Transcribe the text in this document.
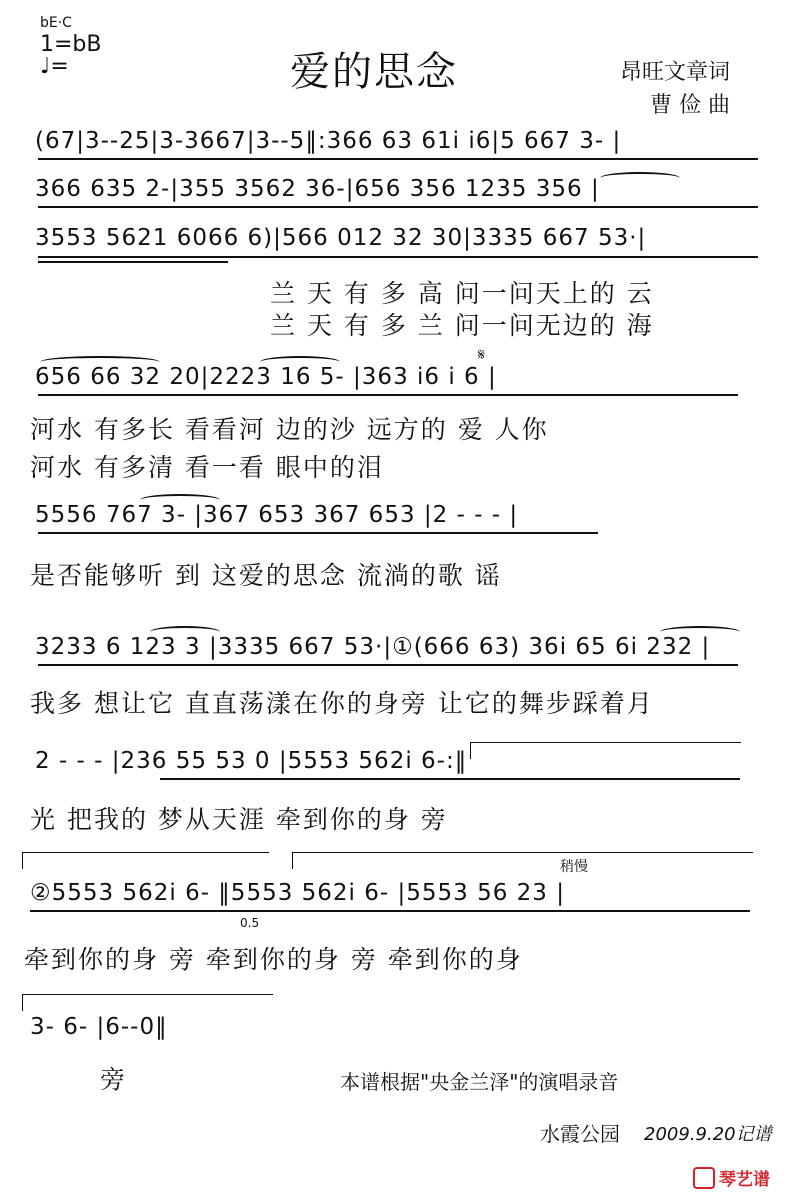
bE·C
1=bB
♩=	爱的思念	昂旺文章词
曹 俭 曲
(67|3--25|3-3667|3--5‖:366 63 61i i6|5 667 3- |
366 635 2-|355 3562 36-|656 356 1235 356 |
3553 5621 6066 6)|566 012 32 30|3335 667 53·|
兰 天 有 多 高 问一问天上的 云
兰 天 有 多 兰 问一问无边的 海
656 66 32 20|2223 16 5- |363 i6 i 6 |
𝄋
河水 有多长 看看河 边的沙 远方的 爱 人你
河水 有多清 看一看 眼中的泪
5556 767 3- |367 653 367 653 |2 - - - |
是否能够听 到 这爱的思念 流淌的歌 谣
3233 6 123 3 |3335 667 53·|①(666 63) 36i 65 6i 232 |
我多 想让它 直直荡漾在你的身旁 让它的舞步踩着月
2 - - - |236 55 53 0 |5553 562i 6-:‖
光 把我的 梦从天涯 牵到你的身 旁
稍慢
②5553 562i 6- ‖5553 562i 6- |5553 56 23 |
0.5
牵到你的身 旁 牵到你的身 旁 牵到你的身
3- 6- |6--0‖
旁	本谱根据"央金兰泽"的演唱录音
水霞公园 2009.9.20记谱
琴艺谱
